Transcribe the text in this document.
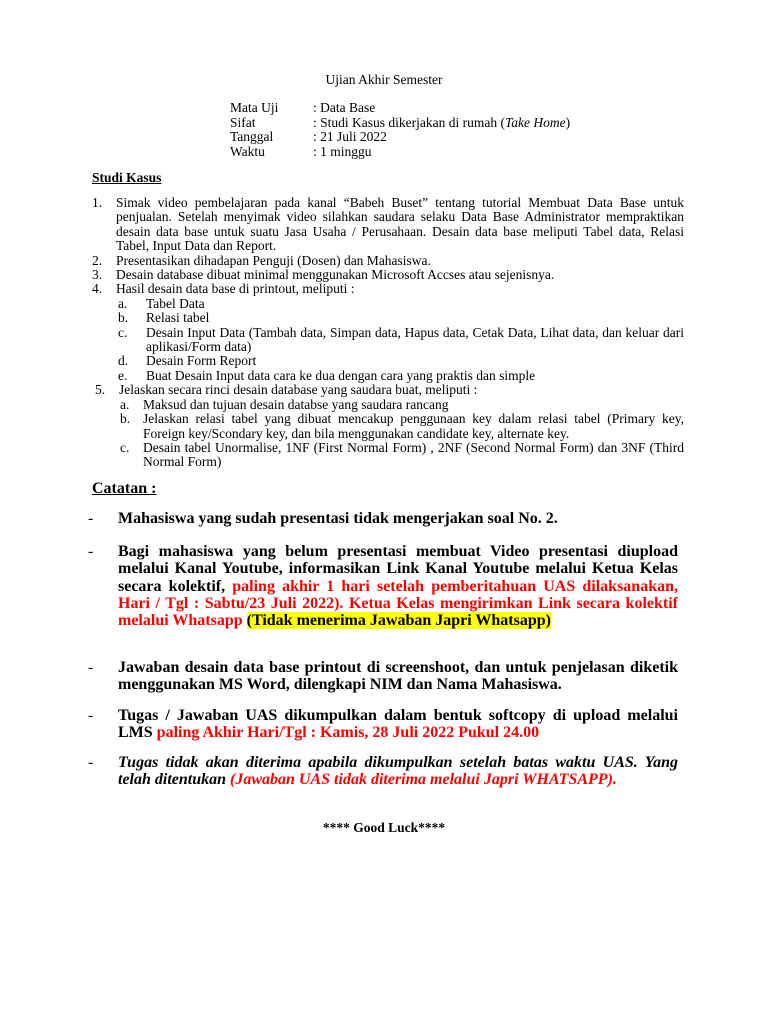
Ujian Akhir Semester
Mata Uji	: Data Base
Sifat	: Studi Kasus dikerjakan di rumah (Take Home)
Tanggal	: 21 Juli 2022
Waktu	: 1 minggu
Studi Kasus
1.	Simak video pembelajaran pada kanal “Babeh Buset” tentang tutorial Membuat Data Base untuk penjualan. Setelah menyimak video silahkan saudara selaku Data Base Administrator mempraktikan desain data base untuk suatu Jasa Usaha / Perusahaan. Desain data base meliputi Tabel data, Relasi Tabel, Input Data dan Report.
2.	Presentasikan dihadapan Penguji (Dosen) dan Mahasiswa.
3.	Desain database dibuat minimal menggunakan Microsoft Accses atau sejenisnya.
4.	Hasil desain data base di printout, meliputi :
a.	Tabel Data
b.	Relasi tabel
c.	Desain Input Data (Tambah data, Simpan data, Hapus data, Cetak Data, Lihat data, dan keluar dari aplikasi/Form data)
d.	Desain Form Report
e.	Buat Desain Input data cara ke dua dengan cara yang praktis dan simple
5.	Jelaskan secara rinci desain database yang saudara buat, meliputi :
a.	Maksud dan tujuan desain databse yang saudara rancang
b. Jelaskan relasi tabel yang dibuat mencakup penggunaan key dalam relasi tabel (Primary key, Foreign key/Scondary key, dan bila menggunakan candidate key, alternate key.
c.	Desain tabel Unormalise, 1NF (First Normal Form) , 2NF (Second Normal Form) dan 3NF (Third Normal Form)
Catatan :
-	Mahasiswa yang sudah presentasi tidak mengerjakan soal No. 2.
-	Bagi mahasiswa yang belum presentasi membuat Video presentasi diupload melalui Kanal Youtube, informasikan Link Kanal Youtube melalui Ketua Kelas secara kolektif, paling akhir 1 hari setelah pemberitahuan UAS dilaksanakan, Hari / Tgl : Sabtu/23 Juli 2022). Ketua Kelas mengirimkan Link secara kolektif melalui Whatsapp (Tidak menerima Jawaban Japri Whatsapp)
-	Jawaban desain data base printout di screenshoot, dan untuk penjelasan diketik menggunakan MS Word, dilengkapi NIM dan Nama Mahasiswa.
-	Tugas / Jawaban UAS dikumpulkan dalam bentuk softcopy di upload melalui LMS paling Akhir Hari/Tgl : Kamis, 28 Juli 2022 Pukul 24.00
-	Tugas tidak akan diterima apabila dikumpulkan setelah batas waktu UAS. Yang telah ditentukan (Jawaban UAS tidak diterima melalui Japri WHATSAPP).
**** Good Luck****
